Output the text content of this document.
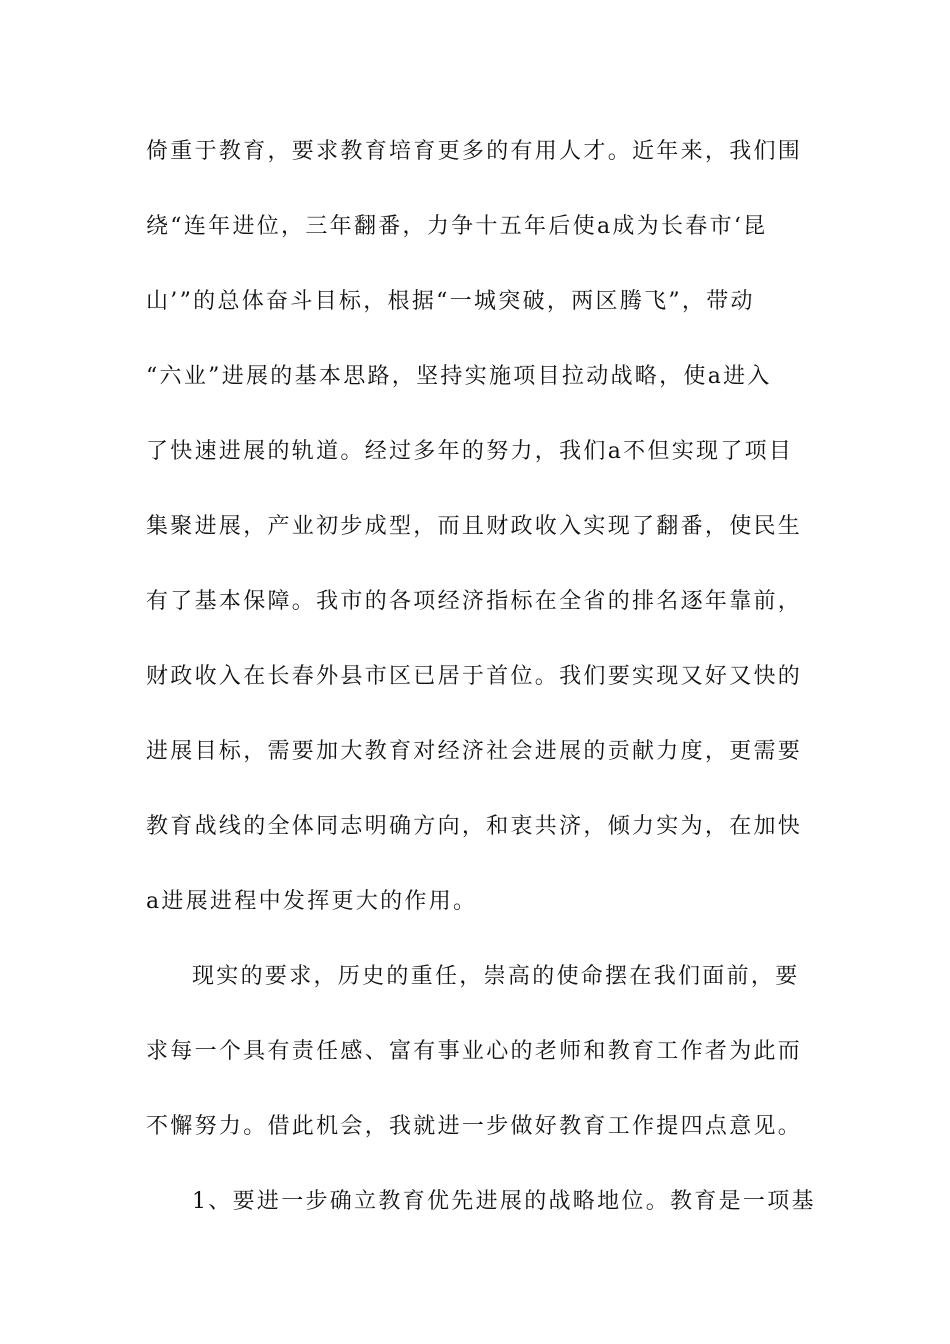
倚重于教育，要求教育培育更多的有用人才。近年来，我们围
绕“连年进位，三年翻番，力争十五年后使a成为长春市‘昆
山’”的总体奋斗目标，根据“一城突破，两区腾飞”，带动
“六业”进展的基本思路，坚持实施项目拉动战略，使a进入
了快速进展的轨道。经过多年的努力，我们a不但实现了项目
集聚进展，产业初步成型，而且财政收入实现了翻番，使民生
有了基本保障。我市的各项经济指标在全省的排名逐年靠前，
财政收入在长春外县市区已居于首位。我们要实现又好又快的
进展目标，需要加大教育对经济社会进展的贡献力度，更需要
教育战线的全体同志明确方向，和衷共济，倾力实为，在加快
a进展进程中发挥更大的作用。
现实的要求，历史的重任，崇高的使命摆在我们面前，要
求每一个具有责任感、富有事业心的老师和教育工作者为此而
不懈努力。借此机会，我就进一步做好教育工作提四点意见。
1、要进一步确立教育优先进展的战略地位。教育是一项基
